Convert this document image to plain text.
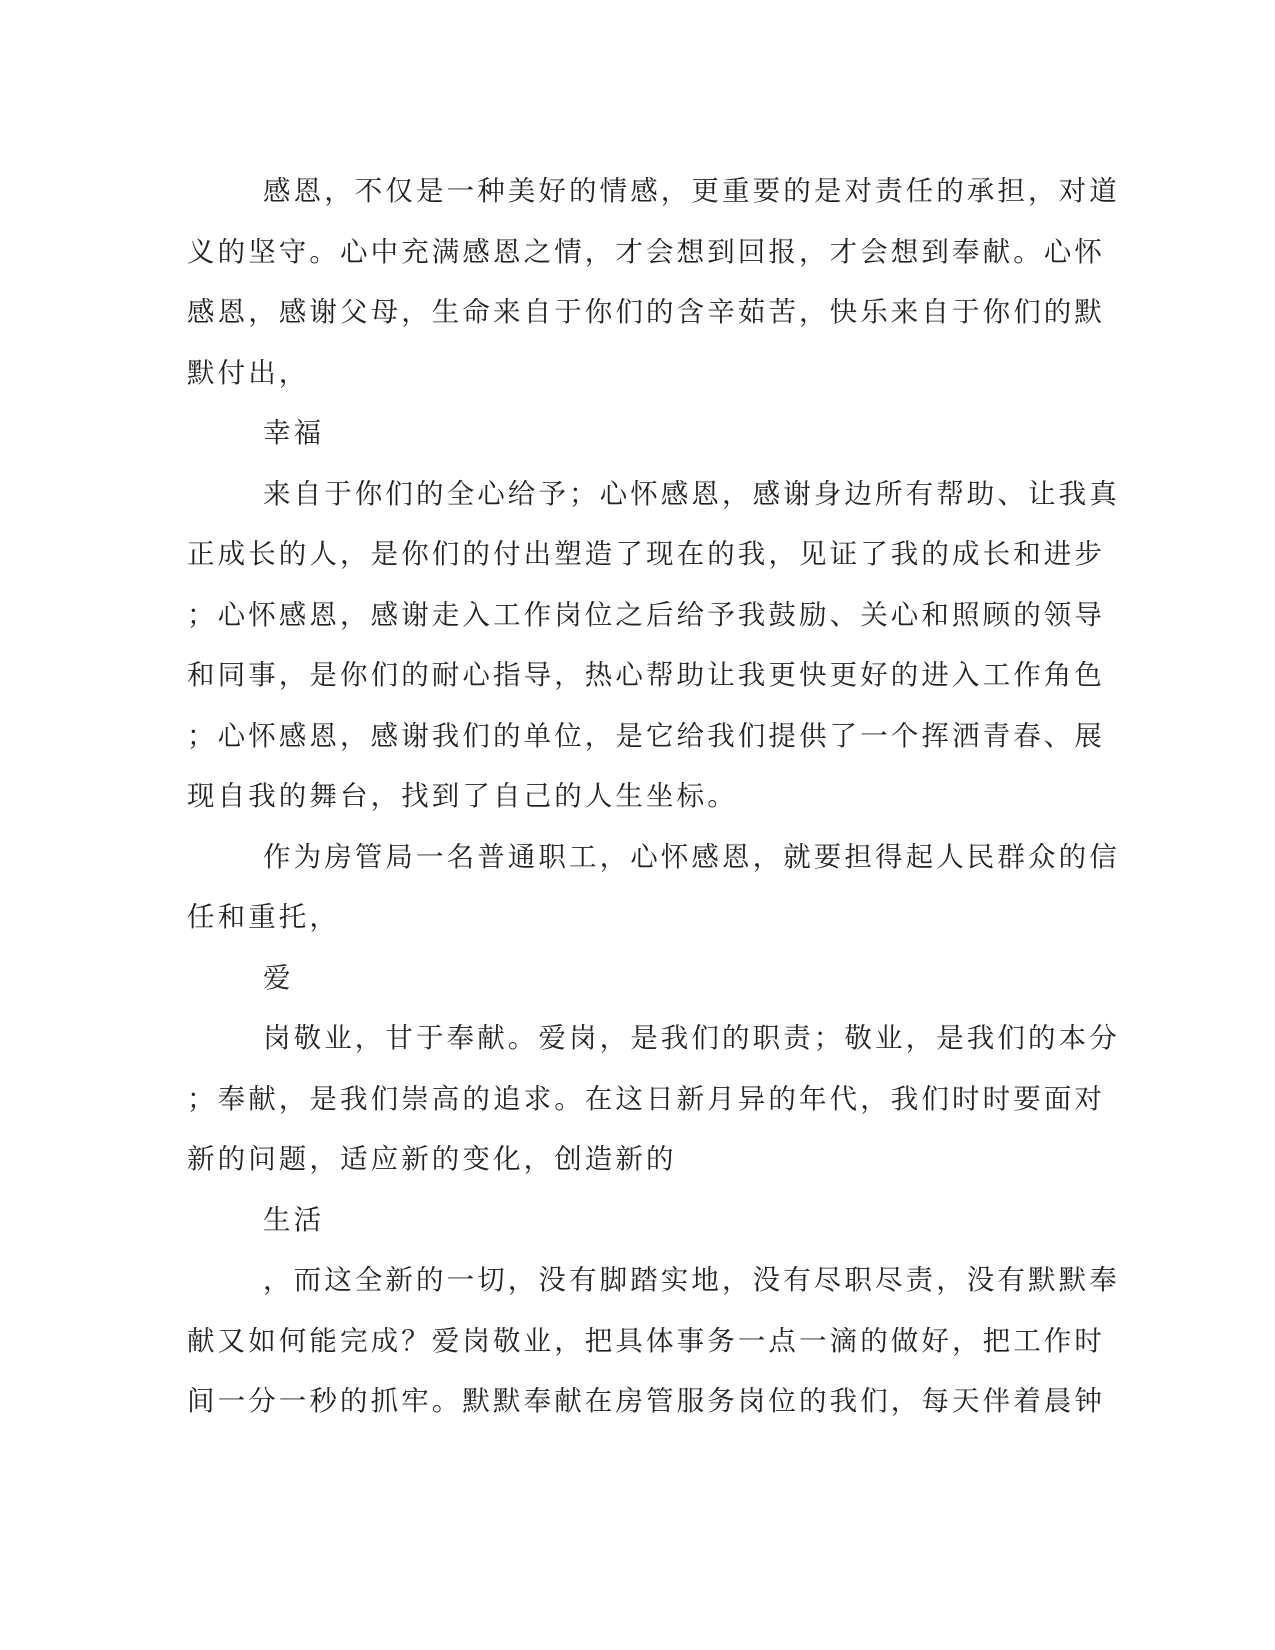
感恩，不仅是一种美好的情感，更重要的是对责任的承担，对道
义的坚守。心中充满感恩之情，才会想到回报，才会想到奉献。心怀
感恩，感谢父母，生命来自于你们的含辛茹苦，快乐来自于你们的默
默付出，
幸福
来自于你们的全心给予；心怀感恩，感谢身边所有帮助、让我真
正成长的人，是你们的付出塑造了现在的我，见证了我的成长和进步
；心怀感恩，感谢走入工作岗位之后给予我鼓励、关心和照顾的领导
和同事，是你们的耐心指导，热心帮助让我更快更好的进入工作角色
；心怀感恩，感谢我们的单位，是它给我们提供了一个挥洒青春、展
现自我的舞台，找到了自己的人生坐标。
作为房管局一名普通职工，心怀感恩，就要担得起人民群众的信
任和重托，
爱
岗敬业，甘于奉献。爱岗，是我们的职责；敬业，是我们的本分
；奉献，是我们崇高的追求。在这日新月异的年代，我们时时要面对
新的问题，适应新的变化，创造新的
生活
，而这全新的一切，没有脚踏实地，没有尽职尽责，没有默默奉
献又如何能完成？爱岗敬业，把具体事务一点一滴的做好，把工作时
间一分一秒的抓牢。默默奉献在房管服务岗位的我们，每天伴着晨钟
